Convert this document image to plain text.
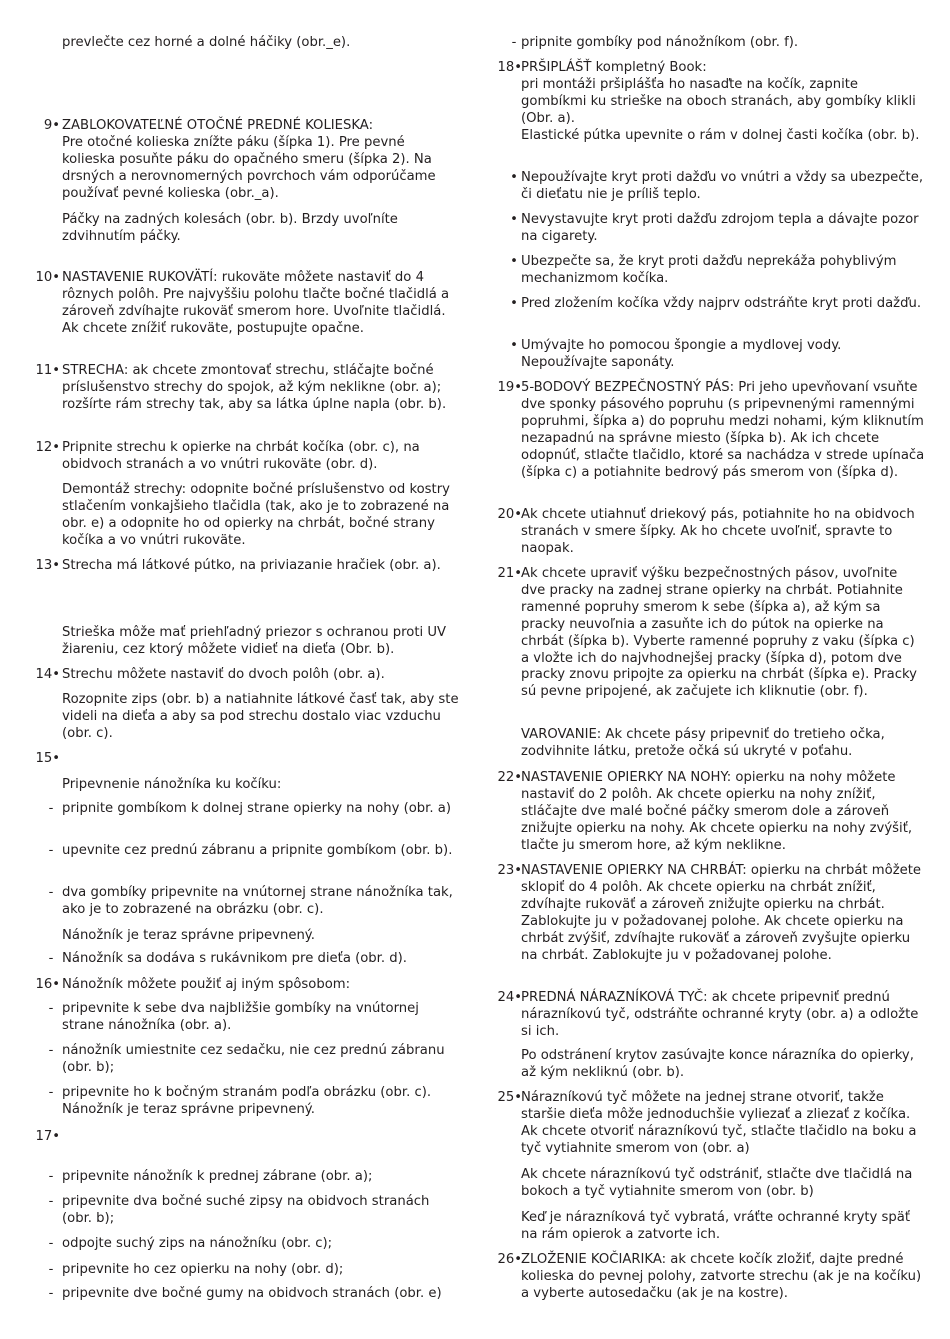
prevlečte cez horné a dolné háčiky (obr._e).
9• ZABLOKOVATEĽNÉ OTOČNÉ PREDNÉ KOLIESKA:
Pre otočné kolieska znížte páku (šípka 1). Pre pevné kolieska posuňte páku do opačného smeru (šípka 2). Na drsných a nerovnomerných povrchoch vám odporúčame používať pevné kolieska (obr._a).
Páčky na zadných kolesách (obr. b). Brzdy uvoľníte zdvihnutím páčky.
10• NASTAVENIE RUKOVÄTÍ: rukoväte môžete nastaviť do 4 rôznych polôh. Pre najvyššiu polohu tlačte bočné tlačidlá a zároveň zdvíhajte rukoväť smerom hore. Uvoľnite tlačidlá. Ak chcete znížiť rukoväte, postupujte opačne.
11• STRECHA: ak chcete zmontovať strechu, stláčajte bočné príslušenstvo strechy do spojok, až kým neklikne (obr. a); rozšírte rám strechy tak, aby sa látka úplne napla (obr. b).
12• Pripnite strechu k opierke na chrbát kočíka (obr. c), na obidvoch stranách a vo vnútri rukoväte (obr. d).
Demontáž strechy: odopnite bočné príslušenstvo od kostry stlačením vonkajšieho tlačidla (tak, ako je to zobrazené na obr. e) a odopnite ho od opierky na chrbát, bočné strany kočíka a vo vnútri rukoväte.
13• Strecha má látkové pútko, na priviazanie hračiek (obr. a).
Strieška môže mať priehľadný priezor s ochranou proti UV žiareniu, cez ktorý môžete vidieť na dieťa (Obr. b).
14• Strechu môžete nastaviť do dvoch polôh (obr. a).
Rozopnite zips (obr. b) a natiahnite látkové časť tak, aby ste videli na dieťa a aby sa pod strechu dostalo viac vzduchu (obr. c).
15•
Pripevnenie nánožníka ku kočíku:
- pripnite gombíkom k dolnej strane opierky na nohy (obr. a)
- upevnite cez prednú zábranu a pripnite gombíkom (obr. b).
- dva gombíky pripevnite na vnútornej strane nánožníka tak, ako je to zobrazené na obrázku (obr. c).
Nánožník je teraz správne pripevnený.
- Nánožník sa dodáva s rukávnikom pre dieťa (obr. d).
16• Nánožník môžete použiť aj iným spôsobom:
- pripevnite k sebe dva najbližšie gombíky na vnútornej strane nánožníka (obr. a).
- nánožník umiestnite cez sedačku, nie cez prednú zábranu (obr. b);
- pripevnite ho k bočným stranám podľa obrázku (obr. c). Nánožník je teraz správne pripevnený.
17•
- pripevnite nánožník k prednej zábrane (obr. a);
- pripevnite dva bočné suché zipsy na obidvoch stranách (obr. b);
- odpojte suchý zips na nánožníku (obr. c);
- pripevnite ho cez opierku na nohy (obr. d);
- pripevnite dve bočné gumy na obidvoch stranách (obr. e)
- pripnite gombíky pod nánožníkom (obr. f).
18• PRŠIPLÁŠŤ kompletný Book:
pri montáži pršiplášťa ho nasaďte na kočík, zapnite gombíkmi ku strieške na oboch stranách, aby gombíky klikli (Obr. a).
Elastické pútka upevnite o rám v dolnej časti kočíka (obr. b).
• Nepoužívajte kryt proti dažďu vo vnútri a vždy sa ubezpečte, či dieťatu nie je príliš teplo.
• Nevystavujte kryt proti dažďu zdrojom tepla a dávajte pozor na cigarety.
• Ubezpečte sa, že kryt proti dažďu neprekáža pohyblivým mechanizmom kočíka.
• Pred zložením kočíka vždy najprv odstráňte kryt proti dažďu.
• Umývajte ho pomocou špongie a mydlovej vody. Nepoužívajte saponáty.
19• 5-BODOVÝ BEZPEČNOSTNÝ PÁS: Pri jeho upevňovaní vsuňte dve sponky pásového popruhu (s pripevnenými ramennými popruhmi, šípka a) do popruhu medzi nohami, kým kliknutím nezapadnú na správne miesto (šípka b). Ak ich chcete odopnúť, stlačte tlačidlo, ktoré sa nachádza v strede upínača (šípka c) a potiahnite bedrový pás smerom von (šípka d).
20• Ak chcete utiahnuť driekový pás, potiahnite ho na obidvoch stranách v smere šípky. Ak ho chcete uvoľniť, spravte to naopak.
21• Ak chcete upraviť výšku bezpečnostných pásov, uvoľnite dve pracky na zadnej strane opierky na chrbát. Potiahnite ramenné popruhy smerom k sebe (šípka a), až kým sa pracky neuvoľnia a zasuňte ich do pútok na opierke na chrbát (šípka b). Vyberte ramenné popruhy z vaku (šípka c) a vložte ich do najvhodnejšej pracky (šípka d), potom dve pracky znovu pripojte za opierku na chrbát (šípka e). Pracky sú pevne pripojené, ak začujete ich kliknutie (obr. f).
VAROVANIE: Ak chcete pásy pripevniť do tretieho očka, zodvihnite látku, pretože očká sú ukryté v poťahu.
22• NASTAVENIE OPIERKY NA NOHY: opierku na nohy môžete nastaviť do 2 polôh. Ak chcete opierku na nohy znížiť, stláčajte dve malé bočné páčky smerom dole a zároveň znižujte opierku na nohy. Ak chcete opierku na nohy zvýšiť, tlačte ju smerom hore, až kým neklikne.
23• NASTAVENIE OPIERKY NA CHRBÁT: opierku na chrbát môžete sklopiť do 4 polôh. Ak chcete opierku na chrbát znížiť, zdvíhajte rukoväť a zároveň znižujte opierku na chrbát. Zablokujte ju v požadovanej polohe. Ak chcete opierku na chrbát zvýšiť, zdvíhajte rukoväť a zároveň zvyšujte opierku na chrbát. Zablokujte ju v požadovanej polohe.
24• PREDNÁ NÁRAZNÍKOVÁ TYČ: ak chcete pripevniť prednú nárazníkovú tyč, odstráňte ochranné kryty (obr. a) a odložte si ich.
Po odstránení krytov zasúvajte konce nárazníka do opierky, až kým nekliknú (obr. b).
25• Nárazníkovú tyč môžete na jednej strane otvoriť, takže staršie dieťa môže jednoduchšie vyliezať a zliezať z kočíka. Ak chcete otvoriť nárazníkovú tyč, stlačte tlačidlo na boku a tyč vytiahnite smerom von (obr. a)
Ak chcete nárazníkovú tyč odstrániť, stlačte dve tlačidlá na bokoch a tyč vytiahnite smerom von (obr. b)
Keď je nárazníková tyč vybratá, vráťte ochranné kryty späť na rám opierok a zatvorte ich.
26• ZLOŽENIE KOČIARIKA: ak chcete kočík zložiť, dajte predné kolieska do pevnej polohy, zatvorte strechu (ak je na kočíku) a vyberte autosedačku (ak je na kostre).
